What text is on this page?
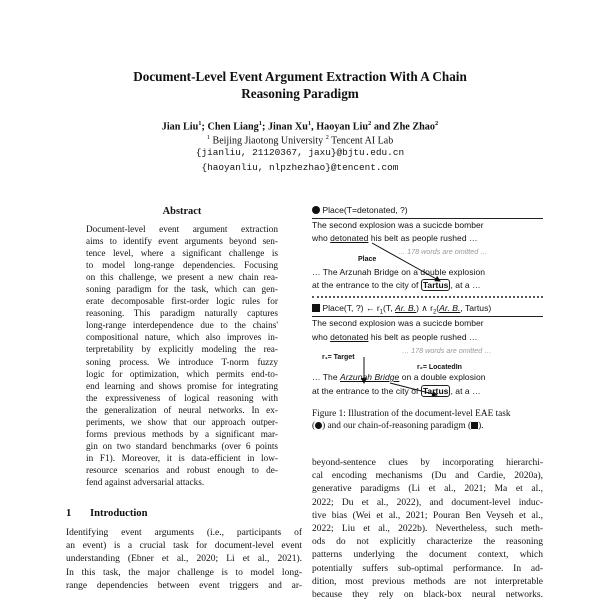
Document-Level Event Argument Extraction With A Chain
Reasoning Paradigm
Jian Liu$^1$; Chen Liang$^1$; Jinan Xu$^1$, Haoyan Liu$^2$ and Zhe Zhao$^2$
$^1$ Beijing Jiaotong University $^2$ Tencent AI Lab
{jianliu, 21120367, jaxu}@bjtu.edu.cn
{haoyanliu, nlpzhezhao}@tencent.com
Abstract
Document-level event argument extraction
aims to identify event arguments beyond sen-
tence level, where a significant challenge is
to model long-range dependencies. Focusing
on this challenge, we present a new chain rea-
soning paradigm for the task, which can gen-
erate decomposable first-order logic rules for
reasoning. This paradigm naturally captures
long-range interdependence due to the chains'
compositional nature, which also improves in-
terpretability by explicitly modeling the rea-
soning process. We introduce T-norm fuzzy
logic for optimization, which permits end-to-
end learning and shows promise for integrating
the expressiveness of logical reasoning with
the generalization of neural networks. In ex-
periments, we show that our approach outper-
forms previous methods by a significant mar-
gin on two standard benchmarks (over 6 points
in F1). Moreover, it is data-efficient in low-
resource scenarios and robust enough to de-
fend against adversarial attacks.
1 Introduction
Identifying event arguments (i.e., participants of
an event) is a crucial task for document-level event
understanding (Ebner et al., 2020; Li et al., 2021).
In this task, the major challenge is to model long-
range dependencies between event triggers and ar-
Place(T=detonated, ?)
The second explosion was a sucicde bomber
who detonated his belt as people rushed …
… 178 words are omitted …
Place
… The Arzunah Bridge on a double explosion
at the entrance to the city of Tartus , at a …
Place(T, ?) ← $r_1(T$, Ar. B.) ∧ $r_2(Ar$. B., Tartus)
The second explosion was a sucicde bomber
who detonated his belt as people rushed …
… 178 words are omitted …
r₁= Target
r₂= LocatedIn
… The Arzunah Bridge on a double explosion
at the entrance to the city of Tartus , at a …
Figure 1: Illustration of the document-level EAE task
( ) and our chain-of-reasoning paradigm ( ).
beyond-sentence clues by incorporating hierarchi-
cal encoding mechanisms (Du and Cardie, 2020a),
generative paradigms (Li et al., 2021; Ma et al.,
2022; Du et al., 2022), and document-level induc-
tive bias (Wei et al., 2021; Pouran Ben Veyseh et al.,
2022; Liu et al., 2022b). Nevertheless, such meth-
ods do not explicitly characterize the reasoning
patterns underlying the document context, which
potentially suffers sub-optimal performance. In ad-
dition, most previous methods are not interpretable
because they rely on black-box neural networks.
